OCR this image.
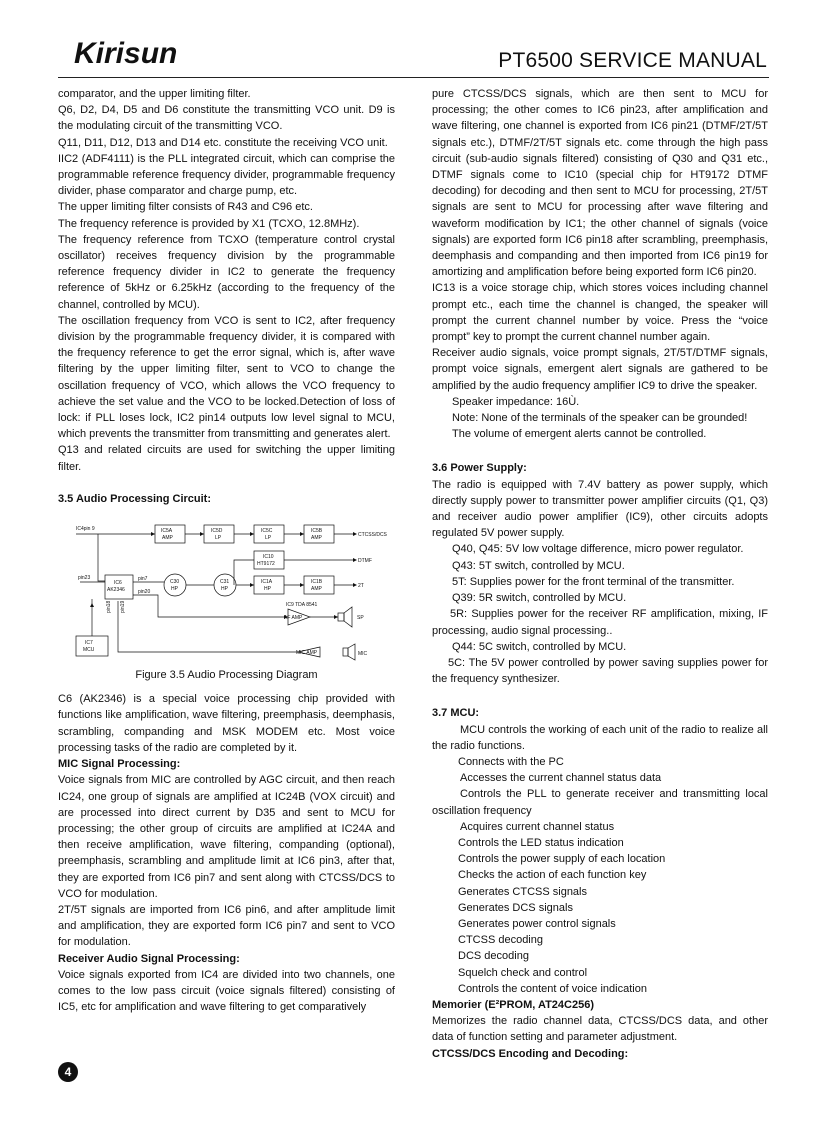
Kirisun	PT6500 SERVICE MANUAL

comparator, and the upper limiting filter.

Q6, D2, D4, D5 and D6 constitute the transmitting VCO unit. D9 is the modulating circuit of the transmitting VCO.

Q11, D11, D12, D13 and D14 etc. constitute the receiving VCO unit.

IIC2 (ADF4111) is the PLL integrated circuit, which can comprise the programmable reference frequency divider, programmable frequency divider, phase comparator and charge pump, etc.

The upper limiting filter consists of R43 and C96 etc.

The frequency reference is provided by X1 (TCXO, 12.8MHz).

The frequency reference from TCXO (temperature control crystal oscillator) receives frequency division by the programmable reference frequency divider in IC2 to generate the frequency reference of 5kHz or 6.25kHz (according to the frequency of the channel, controlled by MCU).

The oscillation frequency from VCO is sent to IC2, after frequency division by the programmable frequency divider, it is compared with the frequency reference to get the error signal, which is, after wave filtering by the upper limiting filter, sent to VCO to change the oscillation frequency of VCO, which allows the VCO frequency to achieve the set value and the VCO to be locked.Detection of loss of lock: if PLL loses lock, IC2 pin14 outputs low level signal to MCU, which prevents the transmitter from transmitting and generates alert.

Q13 and related circuits are used for switching the upper limiting filter.

3.5 Audio Processing Circuit:

IC4pin 9
pin23
IC5A
AMP
IC5D
LP
IC5C
LP
IC5B
AMP
IC6
AK2346
C30
HP
C31
HP
IC10
HT9172
IC1A
HP
IC1B
AMP
IC9 TDA 8541
AF AMP
MIC AMP
IC7
MCU
pin7
pin20
pin18 pin19
CTCSS/DCS
DTMF
2T
SP
MIC

Figure 3.5 Audio Processing Diagram

C6 (AK2346) is a special voice processing chip provided with functions like amplification, wave filtering, preemphasis, deemphasis, scrambling, companding and MSK MODEM etc. Most voice processing tasks of the radio are completed by it.

MIC Signal Processing:

Voice signals from MIC are controlled by AGC circuit, and then reach IC24, one group of signals are amplified at IC24B (VOX circuit) and are processed into direct current by D35 and sent to MCU for processing; the other group of circuits are amplified at IC24A and then receive amplification, wave filtering, companding (optional), preemphasis, scrambling and amplitude limit at IC6 pin3, after that, they are exported from IC6 pin7 and sent along with CTCSS/DCS to VCO for modulation.

2T/5T signals are imported from IC6 pin6, and after amplitude limit and amplification, they are exported form IC6 pin7 and sent to VCO for modulation.

Receiver Audio Signal Processing:

Voice signals exported from IC4 are divided into two channels, one comes to the low pass circuit (voice signals filtered) consisting of IC5, etc for amplification and wave filtering to get comparatively

pure CTCSS/DCS signals, which are then sent to MCU for processing; the other comes to IC6 pin23, after amplification and wave filtering, one channel is exported from IC6 pin21 (DTMF/2T/5T signals etc.), DTMF/2T/5T signals etc. come through the high pass circuit (sub-audio signals filtered) consisting of Q30 and Q31 etc., DTMF signals come to IC10 (special chip for HT9172 DTMF decoding) for decoding and then sent to MCU for processing, 2T/5T signals are sent to MCU for processing after wave filtering and waveform modification by IC1; the other channel of signals (voice signals) are exported form IC6 pin18 after scrambling, preemphasis, deemphasis and companding and then imported from IC6 pin19 for amortizing and amplification before being exported form IC6 pin20.

IC13 is a voice storage chip, which stores voices including channel prompt etc., each time the channel is changed, the speaker will prompt the current channel number by voice. Press the “voice prompt” key to prompt the current channel number again.

Receiver audio signals, voice prompt signals, 2T/5T/DTMF signals, prompt voice signals, emergent alert signals are gathered to be amplified by the audio frequency amplifier IC9 to drive the speaker.

Speaker impedance: 16Ù.

Note: None of the terminals of the speaker can be grounded!

The volume of emergent alerts cannot be controlled.

3.6 Power Supply:

The radio is equipped with 7.4V battery as power supply, which directly supply power to transmitter power amplifier circuits (Q1, Q3) and receiver audio power amplifier (IC9), other circuits adopts regulated 5V power supply.

Q40, Q45: 5V low voltage difference, micro power regulator.

Q43: 5T switch, controlled by MCU.

5T: Supplies power for the front terminal of the transmitter.

Q39: 5R switch, controlled by MCU.

5R: Supplies power for the receiver RF amplification, mixing, IF processing, audio signal processing..

Q44: 5C switch, controlled by MCU.

5C: The 5V power controlled by power saving supplies power for the frequency synthesizer.

3.7 MCU:

MCU controls the working of each unit of the radio to realize all the radio functions.

Connects with the PC

Accesses the current channel status data

Controls the PLL to generate receiver and transmitting local oscillation frequency

Acquires current channel status

Controls the LED status indication

Controls the power supply of each location

Checks the action of each function key

Generates CTCSS signals

Generates DCS signals

Generates power control signals

CTCSS decoding

DCS decoding

Squelch check and control

Controls the content of voice indication

Memorier (E²PROM, AT24C256)

Memorizes the radio channel data, CTCSS/DCS data, and other data of function setting and parameter adjustment.

CTCSS/DCS Encoding and Decoding:

4
